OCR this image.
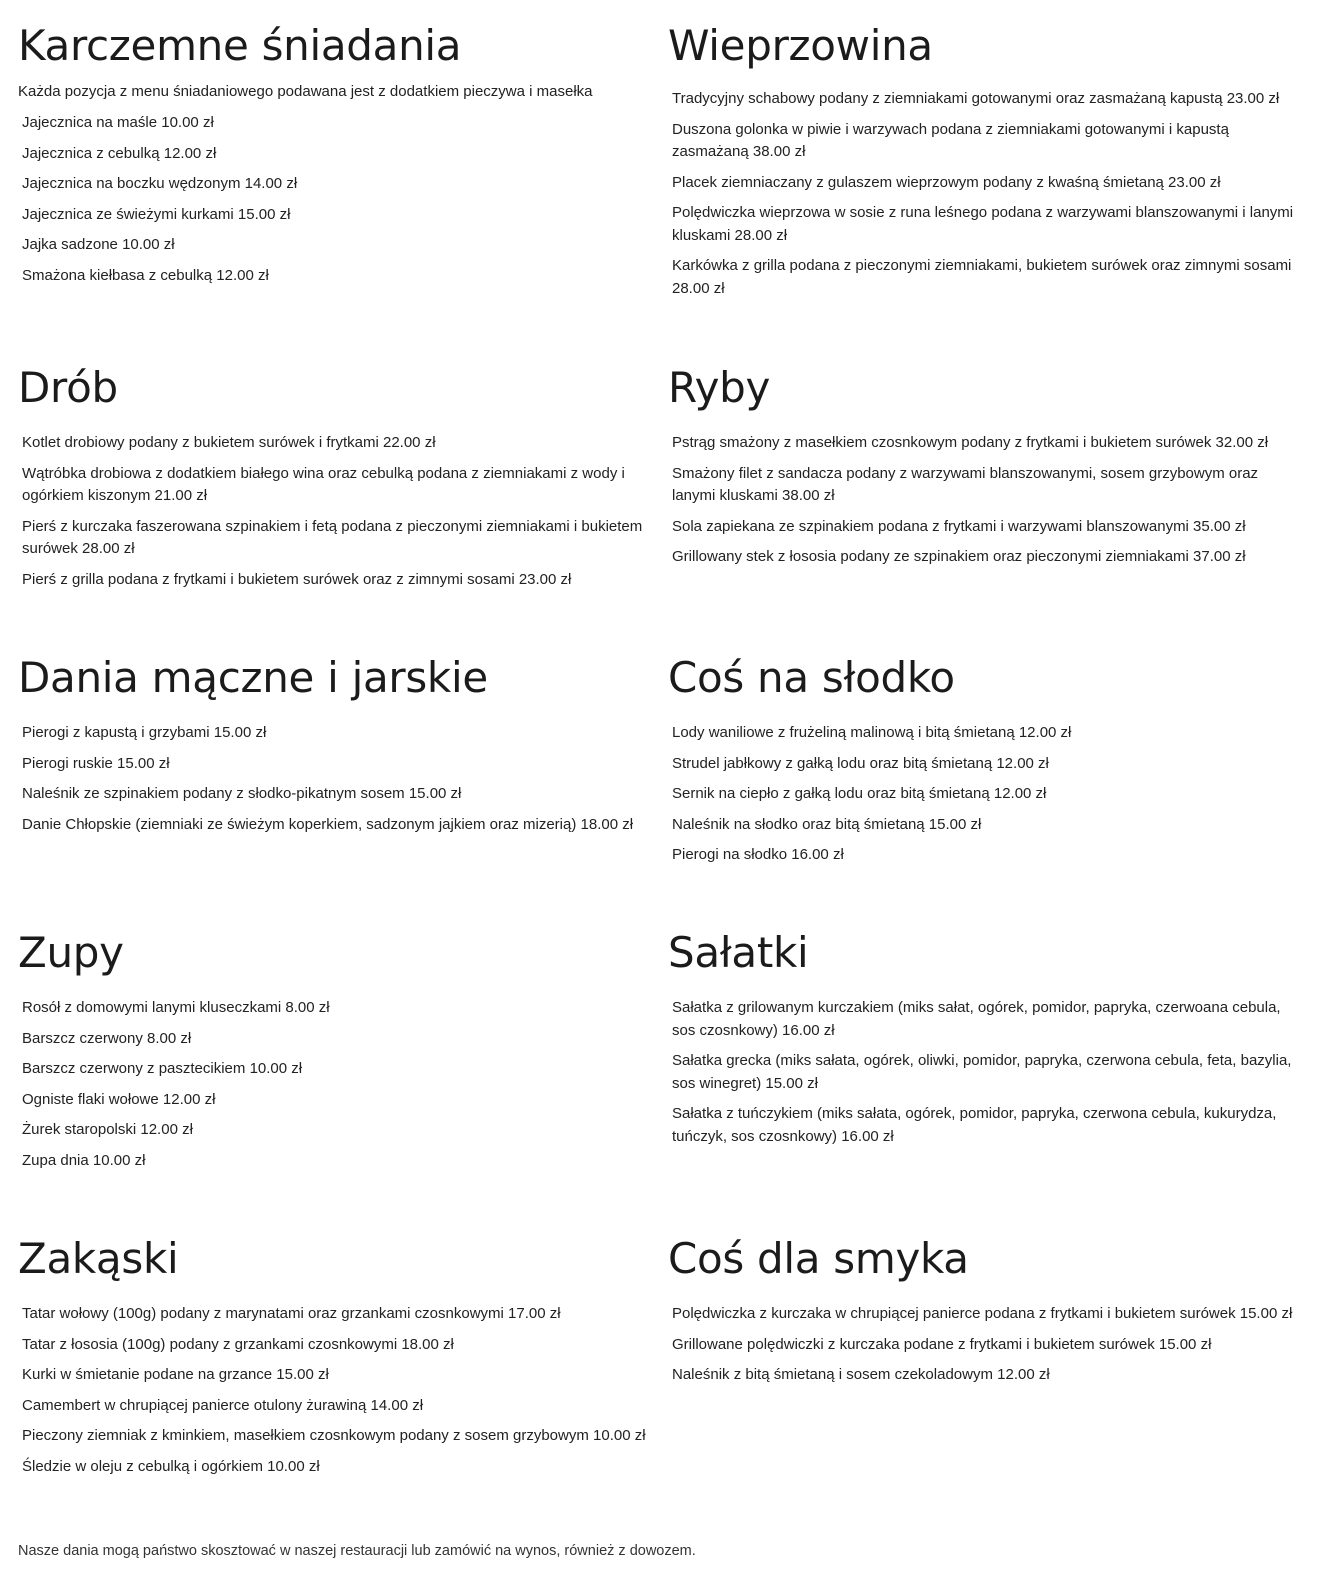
Karczemne śniadania

Każda pozycja z menu śniadaniowego podawana jest z dodatkiem pieczywa i masełka

Jajecznica na maśle 10.00 zł
Jajecznica z cebulką 12.00 zł
Jajecznica na boczku wędzonym 14.00 zł
Jajecznica ze świeżymi kurkami 15.00 zł
Jajka sadzone 10.00 zł
Smażona kiełbasa z cebulką 12.00 zł
Wieprzowina
Tradycyjny schabowy podany z ziemniakami gotowanymi oraz zasmażaną kapustą 23.00 zł
Duszona golonka w piwie i warzywach podana z ziemniakami gotowanymi i kapustą zasmażaną 38.00 zł
Placek ziemniaczany z gulaszem wieprzowym podany z kwaśną śmietaną 23.00 zł
Polędwiczka wieprzowa w sosie z runa leśnego podana z warzywami blanszowanymi i lanymi kluskami 28.00 zł
Karkówka z grilla podana z pieczonymi ziemniakami, bukietem surówek oraz zimnymi sosami 28.00 zł
Drób
Kotlet drobiowy podany z bukietem surówek i frytkami 22.00 zł
Wątróbka drobiowa z dodatkiem białego wina oraz cebulką podana z ziemniakami z wody i ogórkiem kiszonym 21.00 zł
Pierś z kurczaka faszerowana szpinakiem i fetą podana z pieczonymi ziemniakami i bukietem surówek 28.00 zł
Pierś z grilla podana z frytkami i bukietem surówek oraz z zimnymi sosami 23.00 zł
Ryby
Pstrąg smażony z masełkiem czosnkowym podany z frytkami i bukietem surówek 32.00 zł
Smażony filet z sandacza podany z warzywami blanszowanymi, sosem grzybowym oraz lanymi kluskami 38.00 zł
Sola zapiekana ze szpinakiem podana z frytkami i warzywami blanszowanymi 35.00 zł
Grillowany stek z łososia podany ze szpinakiem oraz pieczonymi ziemniakami 37.00 zł
Dania mączne i jarskie
Pierogi z kapustą i grzybami 15.00 zł
Pierogi ruskie 15.00 zł
Naleśnik ze szpinakiem podany z słodko-pikatnym sosem 15.00 zł
Danie Chłopskie (ziemniaki ze świeżym koperkiem, sadzonym jajkiem oraz mizerią) 18.00 zł
Coś na słodko
Lody waniliowe z frużeliną malinową i bitą śmietaną 12.00 zł
Strudel jabłkowy z gałką lodu oraz bitą śmietaną 12.00 zł
Sernik na ciepło z gałką lodu oraz bitą śmietaną 12.00 zł
Naleśnik na słodko oraz bitą śmietaną 15.00 zł
Pierogi na słodko 16.00 zł
Zupy
Rosół z domowymi lanymi kluseczkami 8.00 zł
Barszcz czerwony 8.00 zł
Barszcz czerwony z pasztecikiem 10.00 zł
Ogniste flaki wołowe 12.00 zł
Żurek staropolski 12.00 zł
Zupa dnia 10.00 zł
Sałatki
Sałatka z grilowanym kurczakiem (miks sałat, ogórek, pomidor, papryka, czerwoana cebula, sos czosnkowy) 16.00 zł
Sałatka grecka (miks sałata, ogórek, oliwki, pomidor, papryka, czerwona cebula, feta, bazylia, sos winegret) 15.00 zł
Sałatka z tuńczykiem (miks sałata, ogórek, pomidor, papryka, czerwona cebula, kukurydza, tuńczyk, sos czosnkowy) 16.00 zł
Zakąski
Tatar wołowy (100g) podany z marynatami oraz grzankami czosnkowymi 17.00 zł
Tatar z łososia (100g) podany z grzankami czosnkowymi 18.00 zł
Kurki w śmietanie podane na grzance 15.00 zł
Camembert w chrupiącej panierce otulony żurawiną 14.00 zł
Pieczony ziemniak z kminkiem, masełkiem czosnkowym podany z sosem grzybowym 10.00 zł
Śledzie w oleju z cebulką i ogórkiem 10.00 zł
Coś dla smyka
Polędwiczka z kurczaka w chrupiącej panierce podana z frytkami i bukietem surówek 15.00 zł
Grillowane polędwiczki z kurczaka podane z frytkami i bukietem surówek 15.00 zł
Naleśnik z bitą śmietaną i sosem czekoladowym 12.00 zł

Nasze dania mogą państwo skosztować w naszej restauracji lub zamówić na wynos, również z dowozem.
